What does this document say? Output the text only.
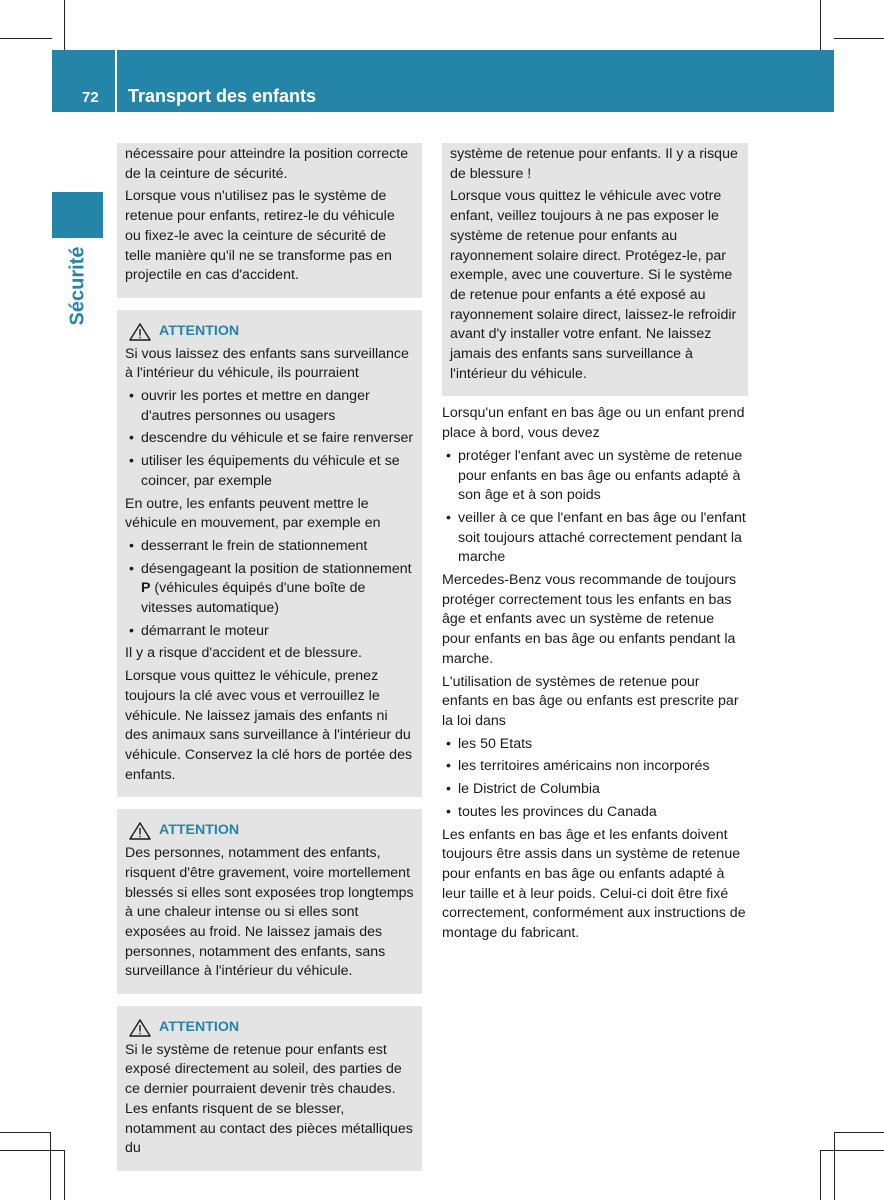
72 Transport des enfants
Sécurité

nécessaire pour atteindre la position correcte de la ceinture de sécurité.

Lorsque vous n'utilisez pas le système de retenue pour enfants, retirez-le du véhicule ou fixez-le avec la ceinture de sécurité de telle manière qu'il ne se transforme pas en projectile en cas d'accident.

ATTENTION

Si vous laissez des enfants sans surveillance à l'intérieur du véhicule, ils pourraient

• ouvrir les portes et mettre en danger d'autres personnes ou usagers
• descendre du véhicule et se faire renverser
• utiliser les équipements du véhicule et se coincer, par exemple

En outre, les enfants peuvent mettre le véhicule en mouvement, par exemple en

• desserrant le frein de stationnement
• désengageant la position de stationnement P (véhicules équipés d'une boîte de vitesses automatique)
• démarrant le moteur

Il y a risque d'accident et de blessure.

Lorsque vous quittez le véhicule, prenez toujours la clé avec vous et verrouillez le véhicule. Ne laissez jamais des enfants ni des animaux sans surveillance à l'intérieur du véhicule. Conservez la clé hors de portée des enfants.

ATTENTION

Des personnes, notamment des enfants, risquent d'être gravement, voire mortellement blessés si elles sont exposées trop longtemps à une chaleur intense ou si elles sont exposées au froid. Ne laissez jamais des personnes, notamment des enfants, sans surveillance à l'intérieur du véhicule.

ATTENTION

Si le système de retenue pour enfants est exposé directement au soleil, des parties de ce dernier pourraient devenir très chaudes. Les enfants risquent de se blesser, notamment au contact des pièces métalliques du

système de retenue pour enfants. Il y a risque de blessure !

Lorsque vous quittez le véhicule avec votre enfant, veillez toujours à ne pas exposer le système de retenue pour enfants au rayonnement solaire direct. Protégez-le, par exemple, avec une couverture. Si le système de retenue pour enfants a été exposé au rayonnement solaire direct, laissez-le refroidir avant d'y installer votre enfant. Ne laissez jamais des enfants sans surveillance à l'intérieur du véhicule.

Lorsqu'un enfant en bas âge ou un enfant prend place à bord, vous devez

• protéger l'enfant avec un système de retenue pour enfants en bas âge ou enfants adapté à son âge et à son poids
• veiller à ce que l'enfant en bas âge ou l'enfant soit toujours attaché correctement pendant la marche

Mercedes-Benz vous recommande de toujours protéger correctement tous les enfants en bas âge et enfants avec un système de retenue pour enfants en bas âge ou enfants pendant la marche.

L'utilisation de systèmes de retenue pour enfants en bas âge ou enfants est prescrite par la loi dans

• les 50 Etats
• les territoires américains non incorporés
• le District de Columbia
• toutes les provinces du Canada

Les enfants en bas âge et les enfants doivent toujours être assis dans un système de retenue pour enfants en bas âge ou enfants adapté à leur taille et à leur poids. Celui-ci doit être fixé correctement, conformément aux instructions de montage du fabricant.
